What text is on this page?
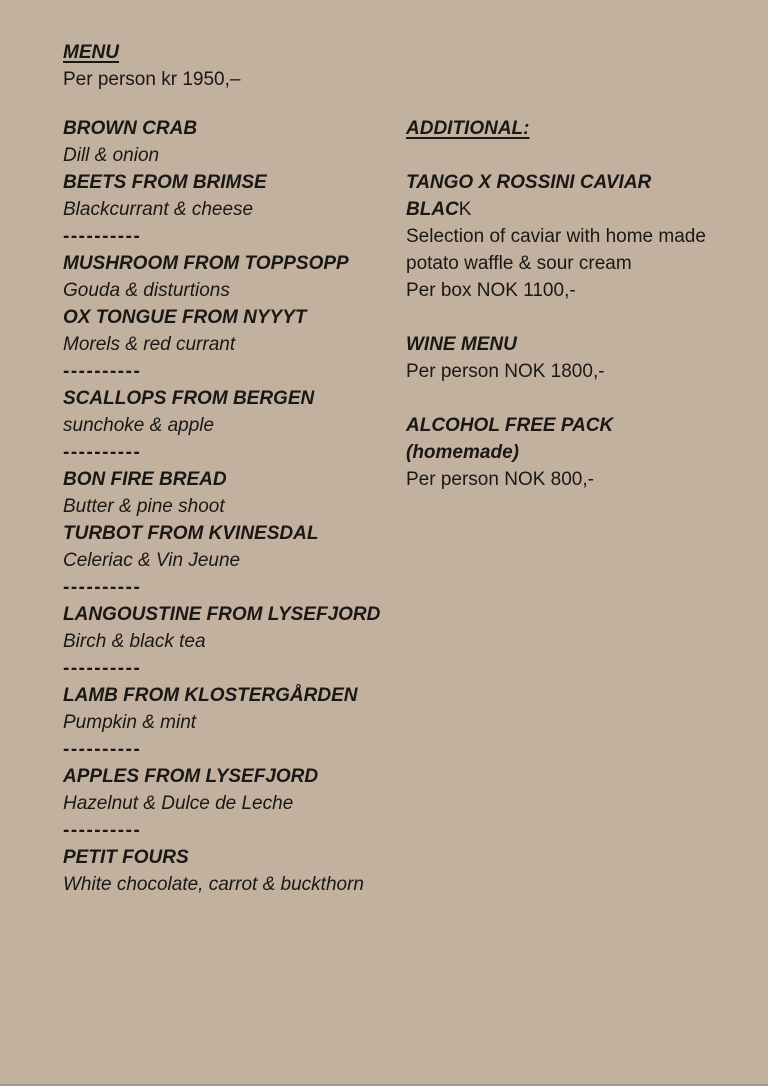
MENU
Per person kr 1950,–
BROWN CRAB
Dill & onion
BEETS FROM BRIMSE
Blackcurrant & cheese
----------
MUSHROOM FROM TOPPSOPP
Gouda & disturtions
OX TONGUE FROM NYYYT
Morels & red currant
----------
SCALLOPS FROM BERGEN
sunchoke & apple
----------
BON FIRE BREAD
Butter & pine shoot
TURBOT FROM KVINESDAL
Celeriac & Vin Jeune
----------
LANGOUSTINE FROM LYSEFJORD
Birch & black tea
----------
LAMB FROM KLOSTERGÅRDEN
Pumpkin & mint
----------
APPLES FROM LYSEFJORD
Hazelnut & Dulce de Leche
----------
PETIT FOURS
White chocolate, carrot & buckthorn
ADDITIONAL:
TANGO X ROSSINI CAVIAR
BLACK
Selection of caviar with home made
potato waffle & sour cream
Per box NOK 1100,-
WINE MENU
Per person NOK 1800,-
ALCOHOL FREE PACK
(homemade)
Per person NOK 800,-
